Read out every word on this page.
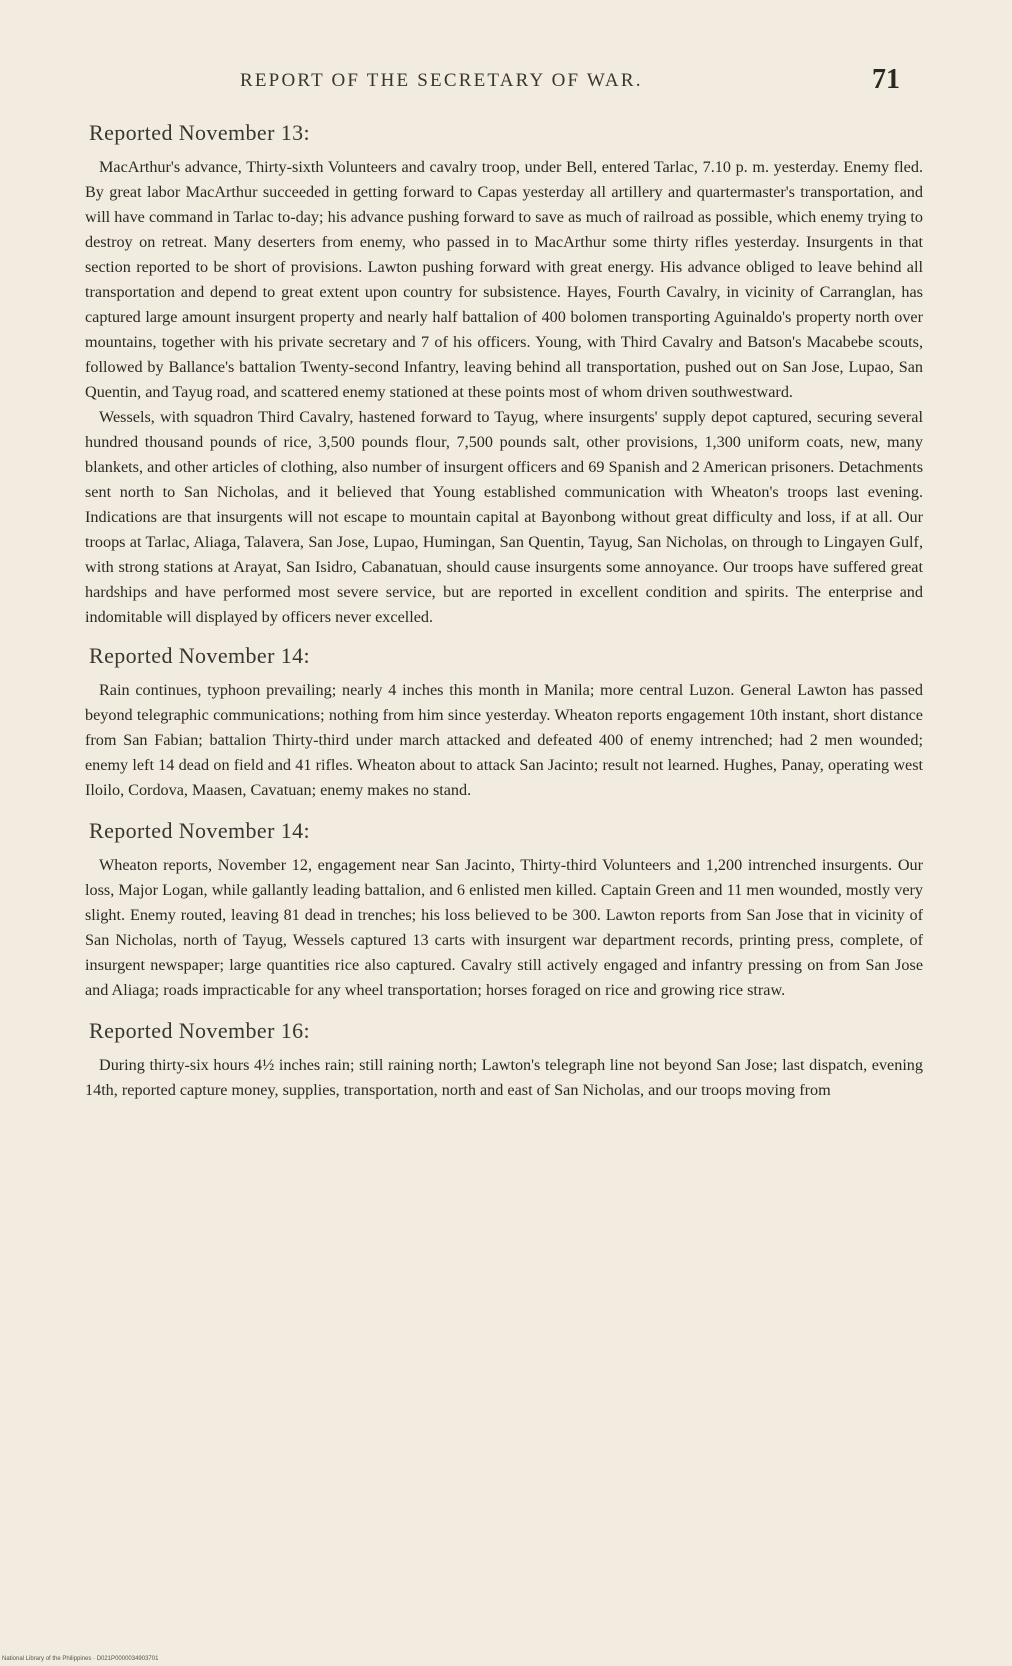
REPORT OF THE SECRETARY OF WAR.	71
Reported November 13:

MacArthur's advance, Thirty-sixth Volunteers and cavalry troop, under Bell, entered Tarlac, 7.10 p. m. yesterday. Enemy fled. By great labor MacArthur succeeded in getting forward to Capas yesterday all artillery and quartermaster's transportation, and will have command in Tarlac to-day; his advance pushing forward to save as much of railroad as possible, which enemy trying to destroy on retreat. Many deserters from enemy, who passed in to MacArthur some thirty rifles yesterday. Insurgents in that section reported to be short of provisions. Lawton pushing forward with great energy. His advance obliged to leave behind all transportation and depend to great extent upon country for subsistence. Hayes, Fourth Cavalry, in vicinity of Carranglan, has captured large amount insurgent property and nearly half battalion of 400 bolomen transporting Aguinaldo's property north over mountains, together with his private secretary and 7 of his officers. Young, with Third Cavalry and Batson's Macabebe scouts, followed by Ballance's battalion Twenty-second Infantry, leaving behind all transportation, pushed out on San Jose, Lupao, San Quentin, and Tayug road, and scattered enemy stationed at these points most of whom driven southwestward.

Wessels, with squadron Third Cavalry, hastened forward to Tayug, where insurgents' supply depot captured, securing several hundred thousand pounds of rice, 3,500 pounds flour, 7,500 pounds salt, other provisions, 1,300 uniform coats, new, many blankets, and other articles of clothing, also number of insurgent officers and 69 Spanish and 2 American prisoners. Detachments sent north to San Nicholas, and it believed that Young established communication with Wheaton's troops last evening. Indications are that insurgents will not escape to mountain capital at Bayonbong without great difficulty and loss, if at all. Our troops at Tarlac, Aliaga, Talavera, San Jose, Lupao, Humingan, San Quentin, Tayug, San Nicholas, on through to Lingayen Gulf, with strong stations at Arayat, San Isidro, Cabanatuan, should cause insurgents some annoyance. Our troops have suffered great hardships and have performed most severe service, but are reported in excellent condition and spirits. The enterprise and indomitable will displayed by officers never excelled.

Reported November 14:

Rain continues, typhoon prevailing; nearly 4 inches this month in Manila; more central Luzon. General Lawton has passed beyond telegraphic communications; nothing from him since yesterday. Wheaton reports engagement 10th instant, short distance from San Fabian; battalion Thirty-third under march attacked and defeated 400 of enemy intrenched; had 2 men wounded; enemy left 14 dead on field and 41 rifles. Wheaton about to attack San Jacinto; result not learned. Hughes, Panay, operating west Iloilo, Cordova, Maasen, Cavatuan; enemy makes no stand.

Reported November 14:

Wheaton reports, November 12, engagement near San Jacinto, Thirty-third Volunteers and 1,200 intrenched insurgents. Our loss, Major Logan, while gallantly leading battalion, and 6 enlisted men killed. Captain Green and 11 men wounded, mostly very slight. Enemy routed, leaving 81 dead in trenches; his loss believed to be 300. Lawton reports from San Jose that in vicinity of San Nicholas, north of Tayug, Wessels captured 13 carts with insurgent war department records, printing press, complete, of insurgent newspaper; large quantities rice also captured. Cavalry still actively engaged and infantry pressing on from San Jose and Aliaga; roads impracticable for any wheel transportation; horses foraged on rice and growing rice straw.

Reported November 16:

During thirty-six hours 4½ inches rain; still raining north; Lawton's telegraph line not beyond San Jose; last dispatch, evening 14th, reported capture money, supplies, transportation, north and east of San Nicholas, and our troops moving from

National Library of the Philippines · D021P0000034903701
